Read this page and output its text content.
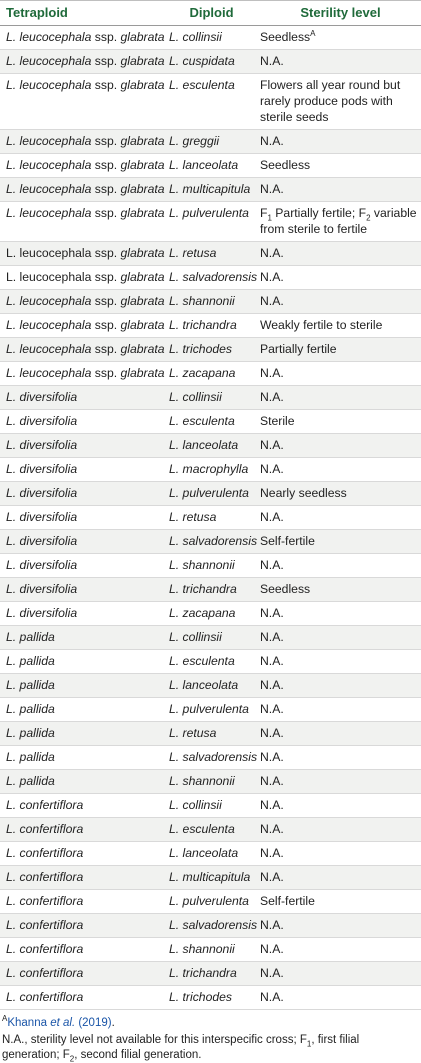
Tetraploid	Diploid	Sterility level
L. leucocephala ssp. glabrata	L. collinsii	Seedless$^A$
L. leucocephala ssp. glabrata	L. cuspidata	N.A.
L. leucocephala ssp. glabrata	L. esculenta	Flowers all year round but rarely produce pods with sterile seeds
L. leucocephala ssp. glabrata	L. greggii	N.A.
L. leucocephala ssp. glabrata	L. lanceolata	Seedless
L. leucocephala ssp. glabrata	L. multicapitula	N.A.
L. leucocephala ssp. glabrata	L. pulverulenta	$F_1$ Partially fertile; $F_2$ variable from sterile to fertile
L. leucocephala ssp. glabrata	L. retusa	N.A.
L. leucocephala ssp. glabrata	L. salvadorensis	N.A.
L. leucocephala ssp. glabrata	L. shannonii	N.A.
L. leucocephala ssp. glabrata	L. trichandra	Weakly fertile to sterile
L. leucocephala ssp. glabrata	L. trichodes	Partially fertile
L. leucocephala ssp. glabrata	L. zacapana	N.A.
L. diversifolia	L. collinsii	N.A.
L. diversifolia	L. esculenta	Sterile
L. diversifolia	L. lanceolata	N.A.
L. diversifolia	L. macrophylla	N.A.
L. diversifolia	L. pulverulenta	Nearly seedless
L. diversifolia	L. retusa	N.A.
L. diversifolia	L. salvadorensis	Self-fertile
L. diversifolia	L. shannonii	N.A.
L. diversifolia	L. trichandra	Seedless
L. diversifolia	L. zacapana	N.A.
L. pallida	L. collinsii	N.A.
L. pallida	L. esculenta	N.A.
L. pallida	L. lanceolata	N.A.
L. pallida	L. pulverulenta	N.A.
L. pallida	L. retusa	N.A.
L. pallida	L. salvadorensis	N.A.
L. pallida	L. shannonii	N.A.
L. confertiflora	L. collinsii	N.A.
L. confertiflora	L. esculenta	N.A.
L. confertiflora	L. lanceolata	N.A.
L. confertiflora	L. multicapitula	N.A.
L. confertiflora	L. pulverulenta	Self-fertile
L. confertiflora	L. salvadorensis	N.A.
L. confertiflora	L. shannonii	N.A.
L. confertiflora	L. trichandra	N.A.
L. confertiflora	L. trichodes	N.A.
$^A$Khanna et al. (2019).
N.A., sterility level not available for this interspecific cross; $F_1$, first filial generation; $F_2$, second filial generation.
